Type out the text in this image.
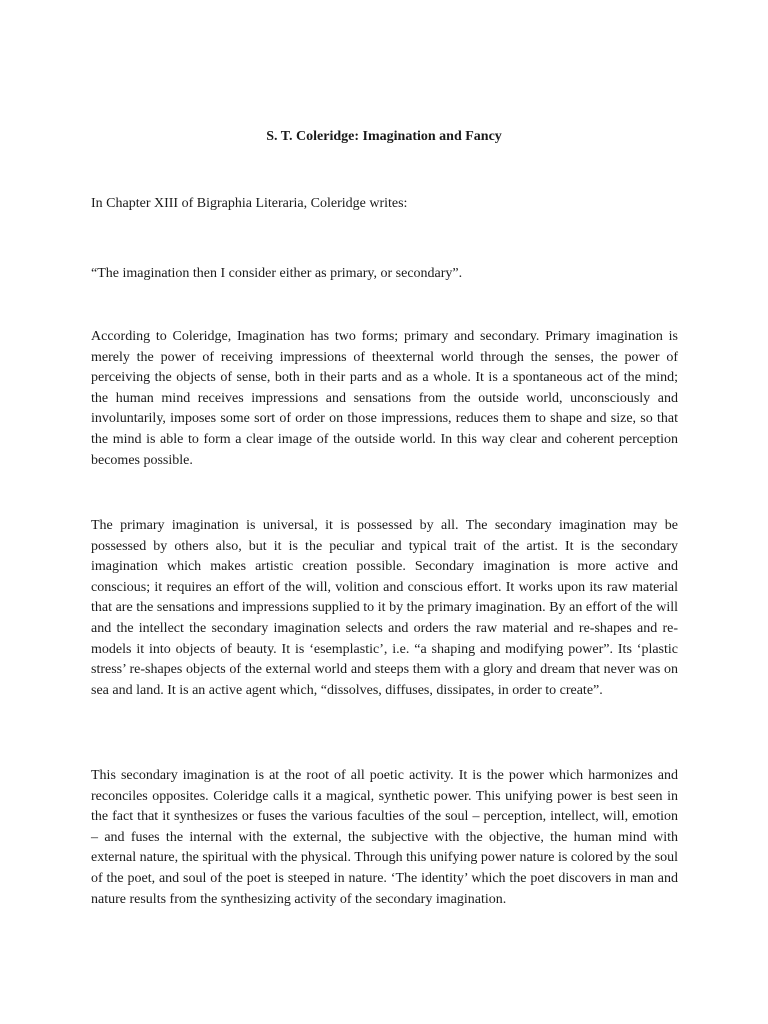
S. T. Coleridge: Imagination and Fancy
In Chapter XIII of Bigraphia Literaria, Coleridge writes:
“The imagination then I consider either as primary, or secondary”.
According to Coleridge, Imagination has two forms; primary and secondary. Primary imagination is merely the power of receiving impressions of theexternal world through the senses, the power of perceiving the objects of sense, both in their parts and as a whole. It is a spontaneous act of the mind; the human mind receives impressions and sensations from the outside world, unconsciously and involuntarily, imposes some sort of order on those impressions, reduces them to shape and size, so that the mind is able to form a clear image of the outside world. In this way clear and coherent perception becomes possible.
The primary imagination is universal, it is possessed by all. The secondary imagination may be possessed by others also, but it is the peculiar and typical trait of the artist. It is the secondary imagination which makes artistic creation possible. Secondary imagination is more active and conscious; it requires an effort of the will, volition and conscious effort. It works upon its raw material that are the sensations and impressions supplied to it by the primary imagination. By an effort of the will and the intellect the secondary imagination selects and orders the raw material and re-shapes and re-models it into objects of beauty. It is ‘esemplastic’, i.e. “a shaping and modifying power”. Its ‘plastic stress’ re-shapes objects of the external world and steeps them with a glory and dream that never was on sea and land. It is an active agent which, “dissolves, diffuses, dissipates, in order to create”.
This secondary imagination is at the root of all poetic activity. It is the power which harmonizes and reconciles opposites. Coleridge calls it a magical, synthetic power. This unifying power is best seen in the fact that it synthesizes or fuses the various faculties of the soul – perception, intellect, will, emotion – and fuses the internal with the external, the subjective with the objective, the human mind with external nature, the spiritual with the physical. Through this unifying power nature is colored by the soul of the poet, and soul of the poet is steeped in nature. ‘The identity’ which the poet discovers in man and nature results from the synthesizing activity of the secondary imagination.
